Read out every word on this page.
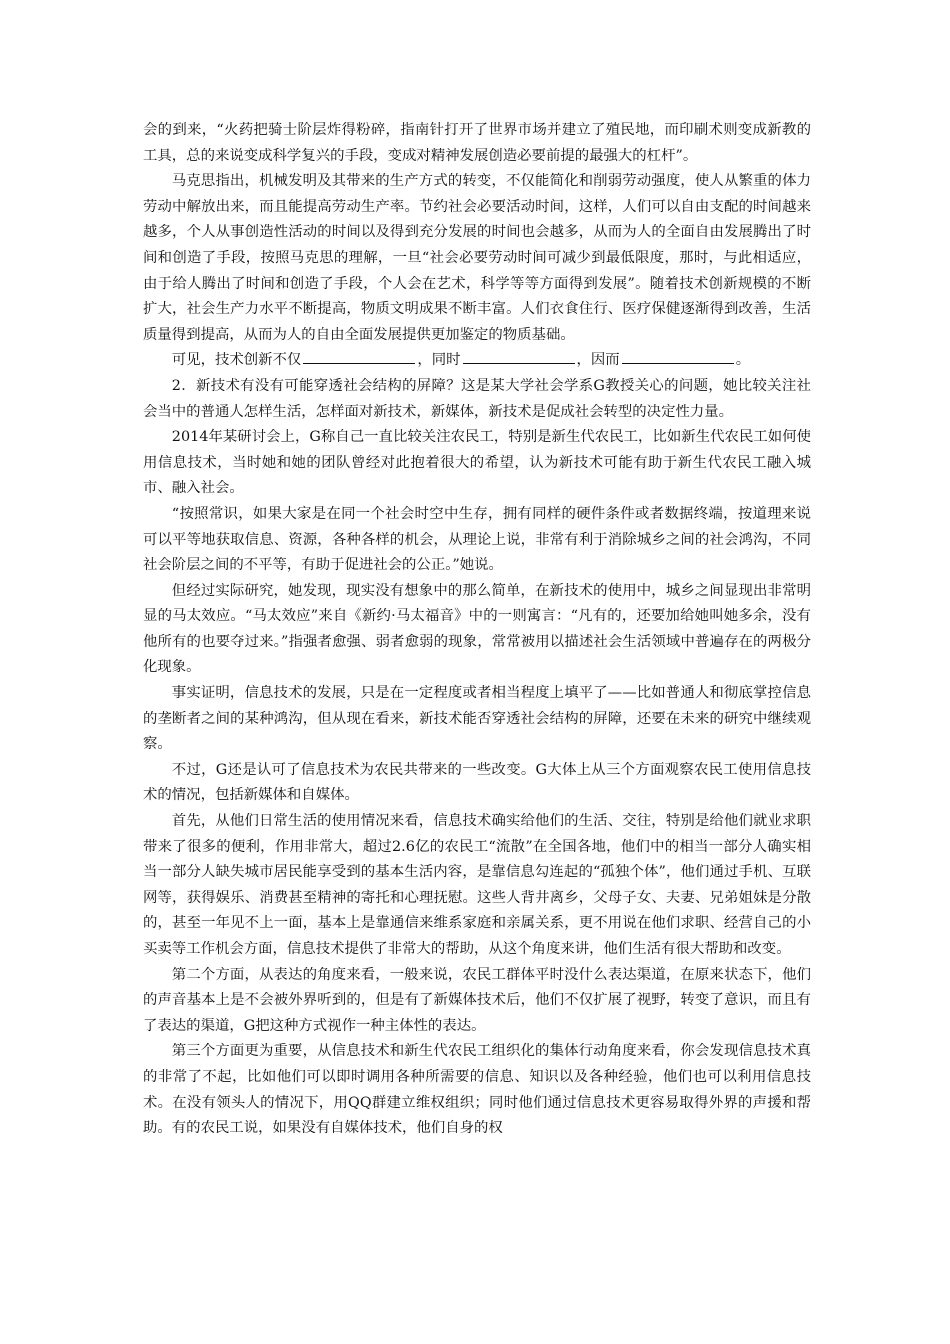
会的到来，“火药把骑士阶层炸得粉碎，指南针打开了世界市场并建立了殖民地，而印刷术则变成新教的工具，总的来说变成科学复兴的手段，变成对精神发展创造必要前提的最强大的杠杆”。

马克思指出，机械发明及其带来的生产方式的转变，不仅能简化和削弱劳动强度，使人从繁重的体力劳动中解放出来，而且能提高劳动生产率。节约社会必要活动时间，这样，人们可以自由支配的时间越来越多，个人从事创造性活动的时间以及得到充分发展的时间也会越多，从而为人的全面自由发展腾出了时间和创造了手段，按照马克思的理解，一旦“社会必要劳动时间可减少到最低限度，那时，与此相适应，由于给人腾出了时间和创造了手段，个人会在艺术，科学等等方面得到发展”。随着技术创新规模的不断扩大，社会生产力水平不断提高，物质文明成果不断丰富。人们衣食住行、医疗保健逐渐得到改善，生活质量得到提高，从而为人的自由全面发展提供更加鉴定的物质基础。

可见，技术创新不仅	，同时	，因而	。

2．新技术有没有可能穿透社会结构的屏障？这是某大学社会学系G教授关心的问题，她比较关注社会当中的普通人怎样生活，怎样面对新技术，新媒体，新技术是促成社会转型的决定性力量。

2014年某研讨会上，G称自己一直比较关注农民工，特别是新生代农民工，比如新生代农民工如何使用信息技术，当时她和她的团队曾经对此抱着很大的希望，认为新技术可能有助于新生代农民工融入城市、融入社会。

“按照常识，如果大家是在同一个社会时空中生存，拥有同样的硬件条件或者数据终端，按道理来说可以平等地获取信息、资源，各种各样的机会，从理论上说，非常有利于消除城乡之间的社会鸿沟，不同社会阶层之间的不平等，有助于促进社会的公正。”她说。

但经过实际研究，她发现，现实没有想象中的那么简单，在新技术的使用中，城乡之间显现出非常明显的马太效应。“马太效应”来自《新约·马太福音》中的一则寓言：“凡有的，还要加给她叫她多余，没有他所有的也要夺过来。”指强者愈强、弱者愈弱的现象，常常被用以描述社会生活领域中普遍存在的两极分化现象。

事实证明，信息技术的发展，只是在一定程度或者相当程度上填平了——比如普通人和彻底掌控信息的垄断者之间的某种鸿沟，但从现在看来，新技术能否穿透社会结构的屏障，还要在未来的研究中继续观察。

不过，G还是认可了信息技术为农民共带来的一些改变。G大体上从三个方面观察农民工使用信息技术的情况，包括新媒体和自媒体。

首先，从他们日常生活的使用情况来看，信息技术确实给他们的生活、交往，特别是给他们就业求职带来了很多的便利，作用非常大，超过2.6亿的农民工“流散”在全国各地，他们中的相当一部分人确实相当一部分人缺失城市居民能享受到的基本生活内容，是靠信息勾连起的“孤独个体”，他们通过手机、互联网等，获得娱乐、消费甚至精神的寄托和心理抚慰。这些人背井离乡，父母子女、夫妻、兄弟姐妹是分散的，甚至一年见不上一面，基本上是靠通信来维系家庭和亲属关系，更不用说在他们求职、经营自己的小买卖等工作机会方面，信息技术提供了非常大的帮助，从这个角度来讲，他们生活有很大帮助和改变。

第二个方面，从表达的角度来看，一般来说，农民工群体平时没什么表达渠道，在原来状态下，他们的声音基本上是不会被外界听到的，但是有了新媒体技术后，他们不仅扩展了视野，转变了意识，而且有了表达的渠道，G把这种方式视作一种主体性的表达。

第三个方面更为重要，从信息技术和新生代农民工组织化的集体行动角度来看，你会发现信息技术真的非常了不起，比如他们可以即时调用各种所需要的信息、知识以及各种经验，他们也可以利用信息技术。在没有领头人的情况下，用QQ群建立维权组织；同时他们通过信息技术更容易取得外界的声援和帮助。有的农民工说，如果没有自媒体技术，他们自身的权
